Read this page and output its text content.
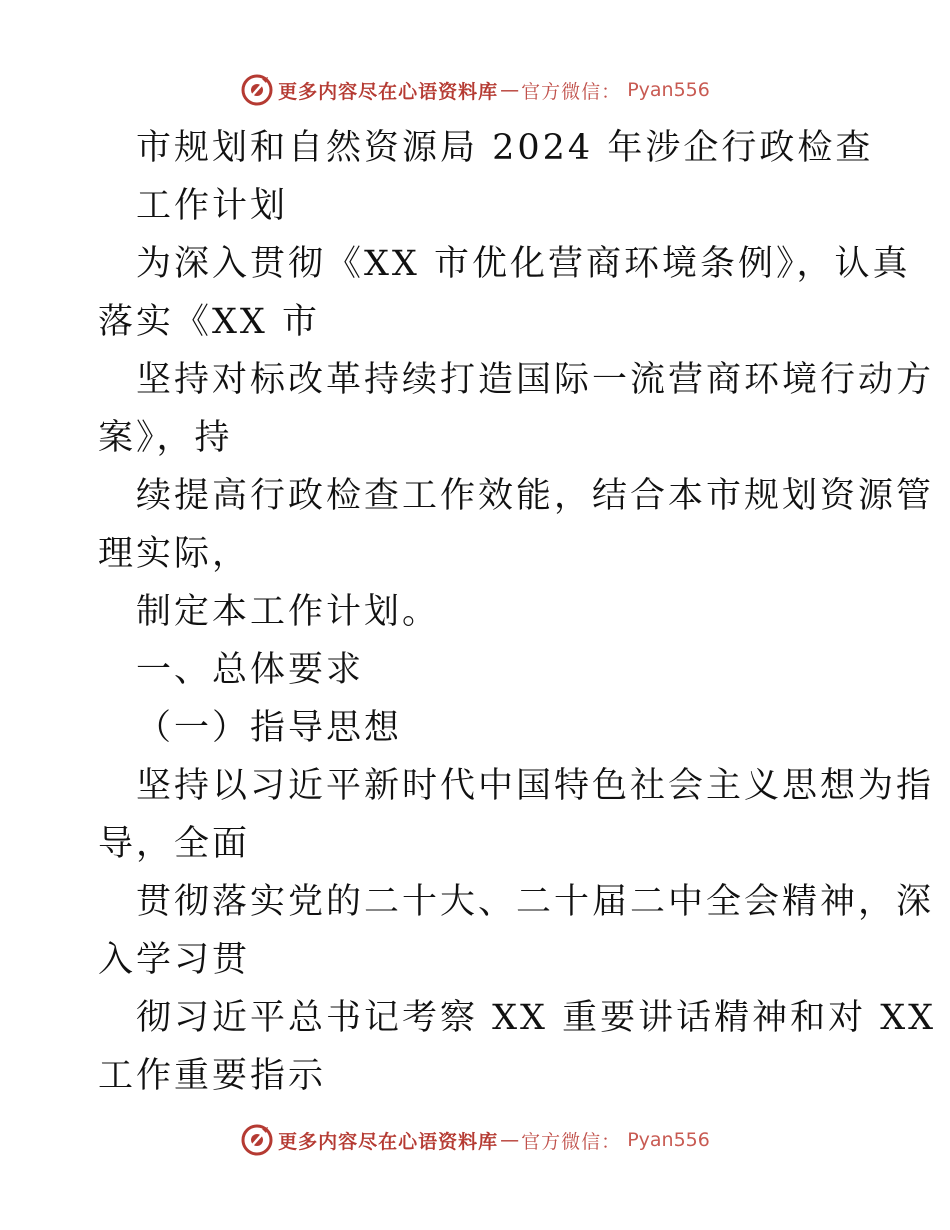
更多内容尽在心语资料库 — 官方微信： Pyan556
市规划和自然资源局 2024 年涉企行政检查
工作计划
为深入贯彻《XX 市优化营商环境条例》，认真
落实《XX 市
坚持对标改革持续打造国际一流营商环境行动方
案》，持
续提高行政检查工作效能，结合本市规划资源管
理实际，
制定本工作计划。
一、总体要求
（一）指导思想
坚持以习近平新时代中国特色社会主义思想为指
导，全面
贯彻落实党的二十大、二十届二中全会精神，深
入学习贯
彻习近平总书记考察 XX 重要讲话精神和对 XX
工作重要指示
更多内容尽在心语资料库 — 官方微信： Pyan556
